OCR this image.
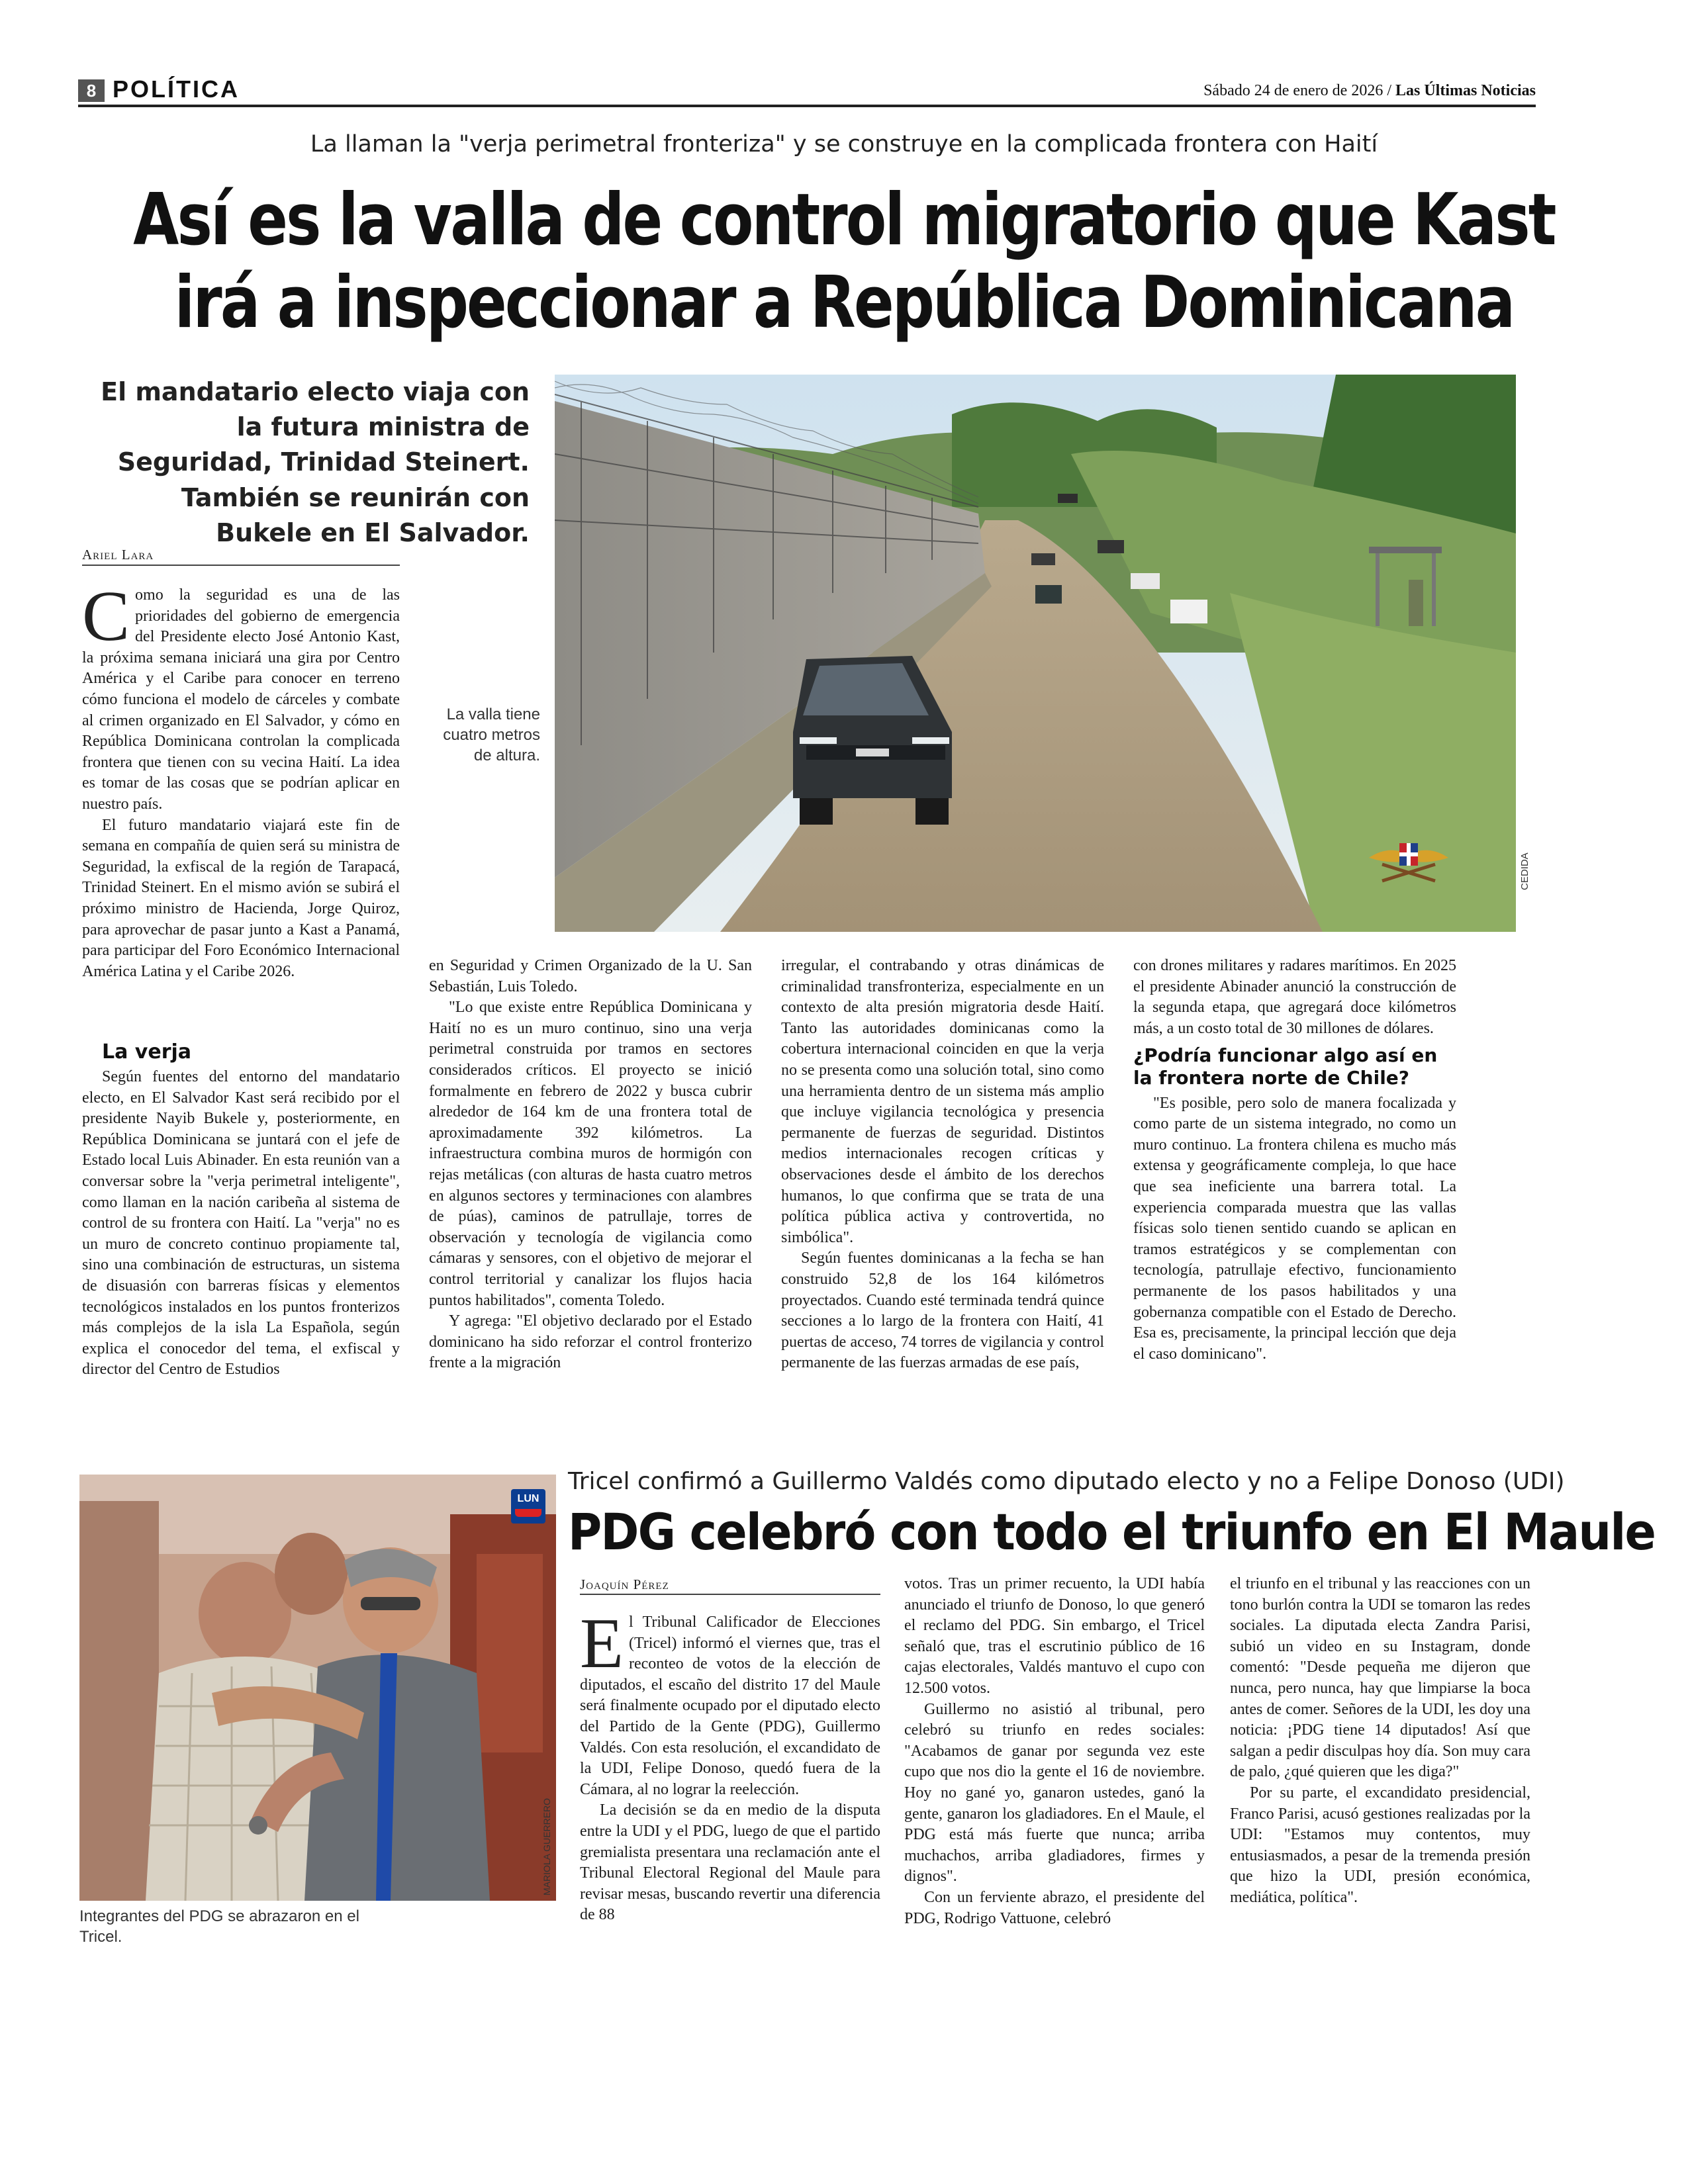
8 POLÍTICA	Sábado 24 de enero de 2026 / Las Últimas Noticias
La llaman la "verja perimetral fronteriza" y se construye en la complicada frontera con Haití
Así es la valla de control migratorio que Kast
irá a inspeccionar a República Dominicana
El mandatario electo viaja con la futura ministra de Seguridad, Trinidad Steinert. También se reunirán con Bukele en El Salvador.
CEDIDA
La valla tiene cuatro metros de altura.
Ariel Lara

Como la seguridad es una de las prioridades del gobierno de emergencia del Presidente electo José Antonio Kast, la próxima semana iniciará una gira por Centro América y el Caribe para conocer en terreno cómo funciona el modelo de cárceles y combate al crimen organizado en El Salvador, y cómo en República Dominicana controlan la complicada frontera que tienen con su vecina Haití. La idea es tomar de las cosas que se podrían aplicar en nuestro país.

El futuro mandatario viajará este fin de semana en compañía de quien será su ministra de Seguridad, la exfiscal de la región de Tarapacá, Trinidad Steinert. En el mismo avión se subirá el próximo ministro de Hacienda, Jorge Quiroz, para aprovechar de pasar junto a Kast a Panamá, para participar del Foro Económico Internacional América Latina y el Caribe 2026.

La verja

Según fuentes del entorno del mandatario electo, en El Salvador Kast será recibido por el presidente Nayib Bukele y, posteriormente, en República Dominicana se juntará con el jefe de Estado local Luis Abinader. En esta reunión van a conversar sobre la "verja perimetral inteligente", como llaman en la nación caribeña al sistema de control de su frontera con Haití. La "verja" no es un muro de concreto continuo propiamente tal, sino una combinación de estructuras, un sistema de disuasión con barreras físicas y elementos tecnológicos instalados en los puntos fronterizos más complejos de la isla La Española, según explica el conocedor del tema, el exfiscal y director del Centro de Estudios

en Seguridad y Crimen Organizado de la U. San Sebastián, Luis Toledo.

"Lo que existe entre República Dominicana y Haití no es un muro continuo, sino una verja perimetral construida por tramos en sectores considerados críticos. El proyecto se inició formalmente en febrero de 2022 y busca cubrir alrededor de 164 km de una frontera total de aproximadamente 392 kilómetros. La infraestructura combina muros de hormigón con rejas metálicas (con alturas de hasta cuatro metros en algunos sectores y terminaciones con alambres de púas), caminos de patrullaje, torres de observación y tecnología de vigilancia como cámaras y sensores, con el objetivo de mejorar el control territorial y canalizar los flujos hacia puntos habilitados", comenta Toledo.

Y agrega: "El objetivo declarado por el Estado dominicano ha sido reforzar el control fronterizo frente a la migración

irregular, el contrabando y otras dinámicas de criminalidad transfronteriza, especialmente en un contexto de alta presión migratoria desde Haití. Tanto las autoridades dominicanas como la cobertura internacional coinciden en que la verja no se presenta como una solución total, sino como una herramienta dentro de un sistema más amplio que incluye vigilancia tecnológica y presencia permanente de fuerzas de seguridad. Distintos medios internacionales recogen críticas y observaciones desde el ámbito de los derechos humanos, lo que confirma que se trata de una política pública activa y controvertida, no simbólica".

Según fuentes dominicanas a la fecha se han construido 52,8 de los 164 kilómetros proyectados. Cuando esté terminada tendrá quince secciones a lo largo de la frontera con Haití, 41 puertas de acceso, 74 torres de vigilancia y control permanente de las fuerzas armadas de ese país,

con drones militares y radares marítimos. En 2025 el presidente Abinader anunció la construcción de la segunda etapa, que agregará doce kilómetros más, a un costo total de 30 millones de dólares.

¿Podría funcionar algo así en la frontera norte de Chile?

"Es posible, pero solo de manera focalizada y como parte de un sistema integrado, no como un muro continuo. La frontera chilena es mucho más extensa y geográficamente compleja, lo que hace que sea ineficiente una barrera total. La experiencia comparada muestra que las vallas físicas solo tienen sentido cuando se aplican en tramos estratégicos y se complementan con tecnología, patrullaje efectivo, funcionamiento permanente de los pasos habilitados y una gobernanza compatible con el Estado de Derecho. Esa es, precisamente, la principal lección que deja el caso dominicano".

LUN
MARIOLA GUERRERO
Integrantes del PDG se abrazaron en el Tricel.
Tricel confirmó a Guillermo Valdés como diputado electo y no a Felipe Donoso (UDI)
PDG celebró con todo el triunfo en El Maule
Joaquín Pérez

El Tribunal Calificador de Elecciones (Tricel) informó el viernes que, tras el reconteo de votos de la elección de diputados, el escaño del distrito 17 del Maule será finalmente ocupado por el diputado electo del Partido de la Gente (PDG), Guillermo Valdés. Con esta resolución, el excandidato de la UDI, Felipe Donoso, quedó fuera de la Cámara, al no lograr la reelección.

La decisión se da en medio de la disputa entre la UDI y el PDG, luego de que el partido gremialista presentara una reclamación ante el Tribunal Electoral Regional del Maule para revisar mesas, buscando revertir una diferencia de 88

votos. Tras un primer recuento, la UDI había anunciado el triunfo de Donoso, lo que generó el reclamo del PDG. Sin embargo, el Tricel señaló que, tras el escrutinio público de 16 cajas electorales, Valdés mantuvo el cupo con 12.500 votos.

Guillermo no asistió al tribunal, pero celebró su triunfo en redes sociales: "Acabamos de ganar por segunda vez este cupo que nos dio la gente el 16 de noviembre. Hoy no gané yo, ganaron ustedes, ganó la gente, ganaron los gladiadores. En el Maule, el PDG está más fuerte que nunca; arriba muchachos, arriba gladiadores, firmes y dignos".

Con un ferviente abrazo, el presidente del PDG, Rodrigo Vattuone, celebró

el triunfo en el tribunal y las reacciones con un tono burlón contra la UDI se tomaron las redes sociales. La diputada electa Zandra Parisi, subió un video en su Instagram, donde comentó: "Desde pequeña me dijeron que nunca, pero nunca, hay que limpiarse la boca antes de comer. Señores de la UDI, les doy una noticia: ¡PDG tiene 14 diputados! Así que salgan a pedir disculpas hoy día. Son muy cara de palo, ¿qué quieren que les diga?"

Por su parte, el excandidato presidencial, Franco Parisi, acusó gestiones realizadas por la UDI: "Estamos muy contentos, muy entusiasmados, a pesar de la tremenda presión que hizo la UDI, presión económica, mediática, política".
